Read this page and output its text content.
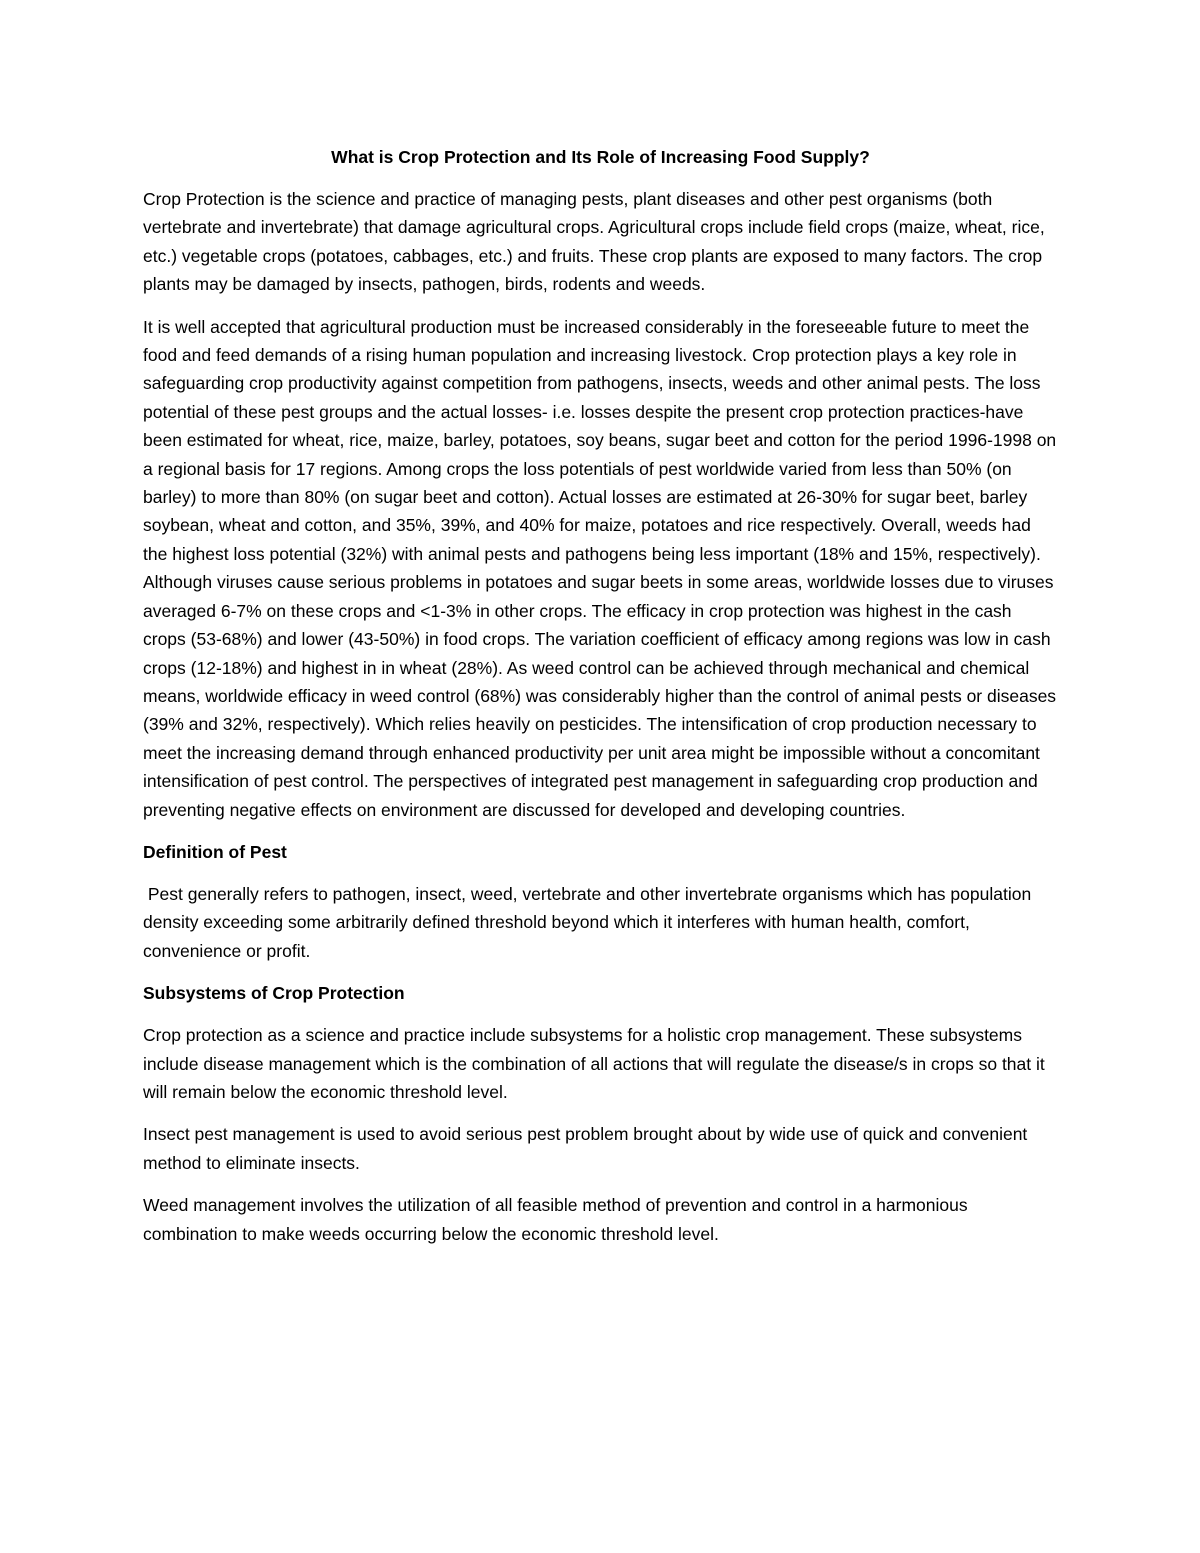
What is Crop Protection and Its Role of Increasing Food Supply?

Crop Protection is the science and practice of managing pests, plant diseases and other pest organisms (both vertebrate and invertebrate) that damage agricultural crops. Agricultural crops include field crops (maize, wheat, rice, etc.) vegetable crops (potatoes, cabbages, etc.) and fruits. These crop plants are exposed to many factors. The crop plants may be damaged by insects, pathogen, birds, rodents and weeds.

It is well accepted that agricultural production must be increased considerably in the foreseeable future to meet the food and feed demands of a rising human population and increasing livestock. Crop protection plays a key role in safeguarding crop productivity against competition from pathogens, insects, weeds and other animal pests. The loss potential of these pest groups and the actual losses- i.e. losses despite the present crop protection practices-have been estimated for wheat, rice, maize, barley, potatoes, soy beans, sugar beet and cotton for the period 1996-1998 on a regional basis for 17 regions. Among crops the loss potentials of pest worldwide varied from less than 50% (on barley) to more than 80% (on sugar beet and cotton). Actual losses are estimated at 26-30% for sugar beet, barley soybean, wheat and cotton, and 35%, 39%, and 40% for maize, potatoes and rice respectively. Overall, weeds had the highest loss potential (32%) with animal pests and pathogens being less important (18% and 15%, respectively). Although viruses cause serious problems in potatoes and sugar beets in some areas, worldwide losses due to viruses averaged 6-7% on these crops and <1-3% in other crops. The efficacy in crop protection was highest in the cash crops (53-68%) and lower (43-50%) in food crops. The variation coefficient of efficacy among regions was low in cash crops (12-18%) and highest in in wheat (28%). As weed control can be achieved through mechanical and chemical means, worldwide efficacy in weed control (68%) was considerably higher than the control of animal pests or diseases (39% and 32%, respectively). Which relies heavily on pesticides. The intensification of crop production necessary to meet the increasing demand through enhanced productivity per unit area might be impossible without a concomitant intensification of pest control. The perspectives of integrated pest management in safeguarding crop production and preventing negative effects on environment are discussed for developed and developing countries.

Definition of Pest

Pest generally refers to pathogen, insect, weed, vertebrate and other invertebrate organisms which has population density exceeding some arbitrarily defined threshold beyond which it interferes with human health, comfort, convenience or profit.

Subsystems of Crop Protection

Crop protection as a science and practice include subsystems for a holistic crop management. These subsystems include disease management which is the combination of all actions that will regulate the disease/s in crops so that it will remain below the economic threshold level.

Insect pest management is used to avoid serious pest problem brought about by wide use of quick and convenient method to eliminate insects.

Weed management involves the utilization of all feasible method of prevention and control in a harmonious combination to make weeds occurring below the economic threshold level.
